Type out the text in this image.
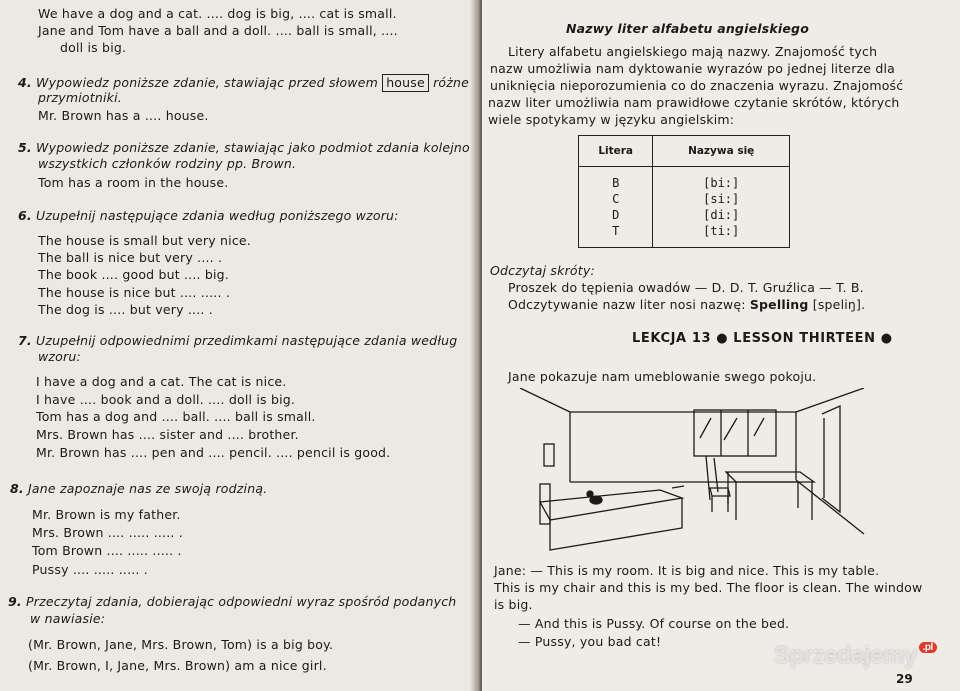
We have a dog and a cat. .... dog is big, .... cat is small.
Jane and Tom have a ball and a doll. .... ball is small, ....
doll is big.
4. Wypowiedz poniższe zdanie, stawiając przed słowem house różne
przymiotniki.
Mr. Brown has a .... house.
5. Wypowiedz poniższe zdanie, stawiając jako podmiot zdania kolejno
wszystkich członków rodziny pp. Brown.
Tom has a room in the house.
6. Uzupełnij następujące zdania według poniższego wzoru:
The house is small but very nice.
The ball is nice but very .... .
The book .... good but .... big.
The house is nice but .... ..... .
The dog is .... but very .... .
7. Uzupełnij odpowiednimi przedimkami następujące zdania według
wzoru:
I have a dog and a cat. The cat is nice.
I have .... book and a doll. .... doll is big.
Tom has a dog and .... ball. .... ball is small.
Mrs. Brown has .... sister and .... brother.
Mr. Brown has .... pen and .... pencil. .... pencil is good.
8. Jane zapoznaje nas ze swoją rodziną.
Mr. Brown is my father.
Mrs. Brown .... ..... ..... .
Tom Brown .... ..... ..... .
Pussy .... ..... ..... .
9. Przeczytaj zdania, dobierając odpowiedni wyraz spośród podanych
w nawiasie:
(Mr. Brown, Jane, Mrs. Brown, Tom) is a big boy.
(Mr. Brown, I, Jane, Mrs. Brown) am a nice girl.
Nazwy liter alfabetu angielskiego
Litery alfabetu angielskiego mają nazwy. Znajomość tych
nazw umożliwia nam dyktowanie wyrazów po jednej literze dla
uniknięcia nieporozumienia co do znaczenia wyrazu. Znajomość
nazw liter umożliwia nam prawidłowe czytanie skrótów, których
wiele spotykamy w języku angielskim:
Litera	Nazywa się
B	[bi:]
C	[si:]
D	[di:]
T	[ti:]
Odczytaj skróty:
Proszek do tępienia owadów — D. D. T. Gruźlica — T. B.
Odczytywanie nazw liter nosi nazwę: Spelling [speliŋ].
LEKCJA 13 ● LESSON THIRTEEN ●
Jane pokazuje nam umeblowanie swego pokoju.
Jane: — This is my room. It is big and nice. This is my table.
This is my chair and this is my bed. The floor is clean. The window
is big.
— And this is Pussy. Of course on the bed.
— Pussy, you bad cat!
Sprzedajemy .pl
29
